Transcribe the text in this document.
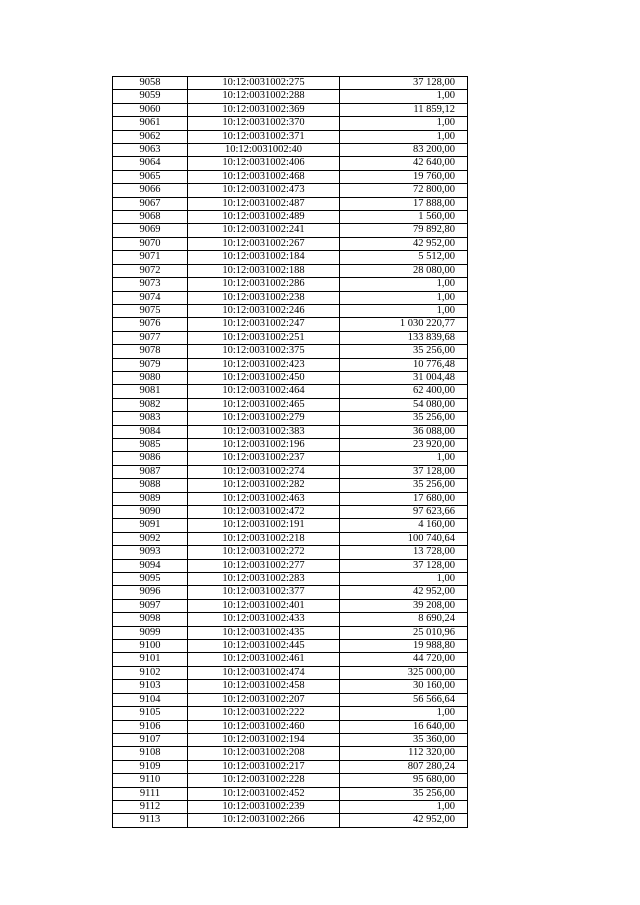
9058	10:12:0031002:275	37 128,00
9059	10:12:0031002:288	1,00
9060	10:12:0031002:369	11 859,12
9061	10:12:0031002:370	1,00
9062	10:12:0031002:371	1,00
9063	10:12:0031002:40	83 200,00
9064	10:12:0031002:406	42 640,00
9065	10:12:0031002:468	19 760,00
9066	10:12:0031002:473	72 800,00
9067	10:12:0031002:487	17 888,00
9068	10:12:0031002:489	1 560,00
9069	10:12:0031002:241	79 892,80
9070	10:12:0031002:267	42 952,00
9071	10:12:0031002:184	5 512,00
9072	10:12:0031002:188	28 080,00
9073	10:12:0031002:286	1,00
9074	10:12:0031002:238	1,00
9075	10:12:0031002:246	1,00
9076	10:12:0031002:247	1 030 220,77
9077	10:12:0031002:251	133 839,68
9078	10:12:0031002:375	35 256,00
9079	10:12:0031002:423	10 776,48
9080	10:12:0031002:450	31 004,48
9081	10:12:0031002:464	62 400,00
9082	10:12:0031002:465	54 080,00
9083	10:12:0031002:279	35 256,00
9084	10:12:0031002:383	36 088,00
9085	10:12:0031002:196	23 920,00
9086	10:12:0031002:237	1,00
9087	10:12:0031002:274	37 128,00
9088	10:12:0031002:282	35 256,00
9089	10:12:0031002:463	17 680,00
9090	10:12:0031002:472	97 623,66
9091	10:12:0031002:191	4 160,00
9092	10:12:0031002:218	100 740,64
9093	10:12:0031002:272	13 728,00
9094	10:12:0031002:277	37 128,00
9095	10:12:0031002:283	1,00
9096	10:12:0031002:377	42 952,00
9097	10:12:0031002:401	39 208,00
9098	10:12:0031002:433	8 690,24
9099	10:12:0031002:435	25 010,96
9100	10:12:0031002:445	19 988,80
9101	10:12:0031002:461	44 720,00
9102	10:12:0031002:474	325 000,00
9103	10:12:0031002:458	30 160,00
9104	10:12:0031002:207	56 566,64
9105	10:12:0031002:222	1,00
9106	10:12:0031002:460	16 640,00
9107	10:12:0031002:194	35 360,00
9108	10:12:0031002:208	112 320,00
9109	10:12:0031002:217	807 280,24
9110	10:12:0031002:228	95 680,00
9111	10:12:0031002:452	35 256,00
9112	10:12:0031002:239	1,00
9113	10:12:0031002:266	42 952,00
